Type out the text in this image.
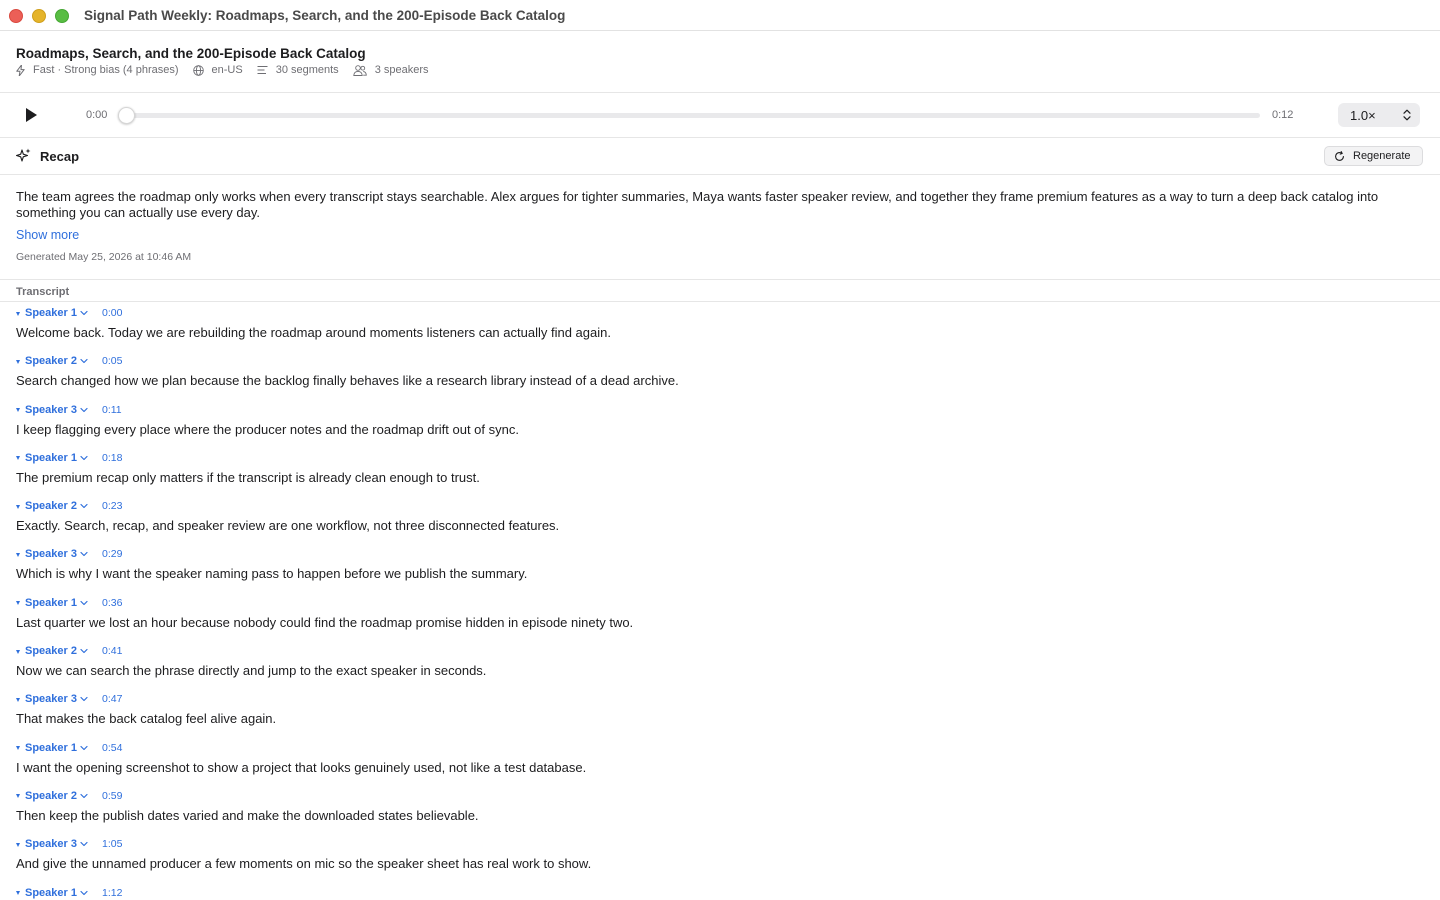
Signal Path Weekly: Roadmaps, Search, and the 200-Episode Back Catalog
Roadmaps, Search, and the 200-Episode Back Catalog
Fast · Strong bias (4 phrases)	en-US	30 segments	3 speakers
0:00	0:12	1.0×
Recap	Regenerate
The team agrees the roadmap only works when every transcript stays searchable. Alex argues for tighter summaries, Maya wants faster speaker review, and together they frame premium features as a way to turn a deep back catalog into something you can actually use every day.
Show more
Generated May 25, 2026 at 10:46 AM
Transcript
Speaker 1 0:00
Welcome back. Today we are rebuilding the roadmap around moments listeners can actually find again.
Speaker 2 0:05
Search changed how we plan because the backlog finally behaves like a research library instead of a dead archive.
Speaker 3 0:11
I keep flagging every place where the producer notes and the roadmap drift out of sync.
Speaker 1 0:18
The premium recap only matters if the transcript is already clean enough to trust.
Speaker 2 0:23
Exactly. Search, recap, and speaker review are one workflow, not three disconnected features.
Speaker 3 0:29
Which is why I want the speaker naming pass to happen before we publish the summary.
Speaker 1 0:36
Last quarter we lost an hour because nobody could find the roadmap promise hidden in episode ninety two.
Speaker 2 0:41
Now we can search the phrase directly and jump to the exact speaker in seconds.
Speaker 3 0:47
That makes the back catalog feel alive again.
Speaker 1 0:54
I want the opening screenshot to show a project that looks genuinely used, not like a test database.
Speaker 2 0:59
Then keep the publish dates varied and make the downloaded states believable.
Speaker 3 1:05
And give the unnamed producer a few moments on mic so the speaker sheet has real work to show.
Speaker 1 1:12
